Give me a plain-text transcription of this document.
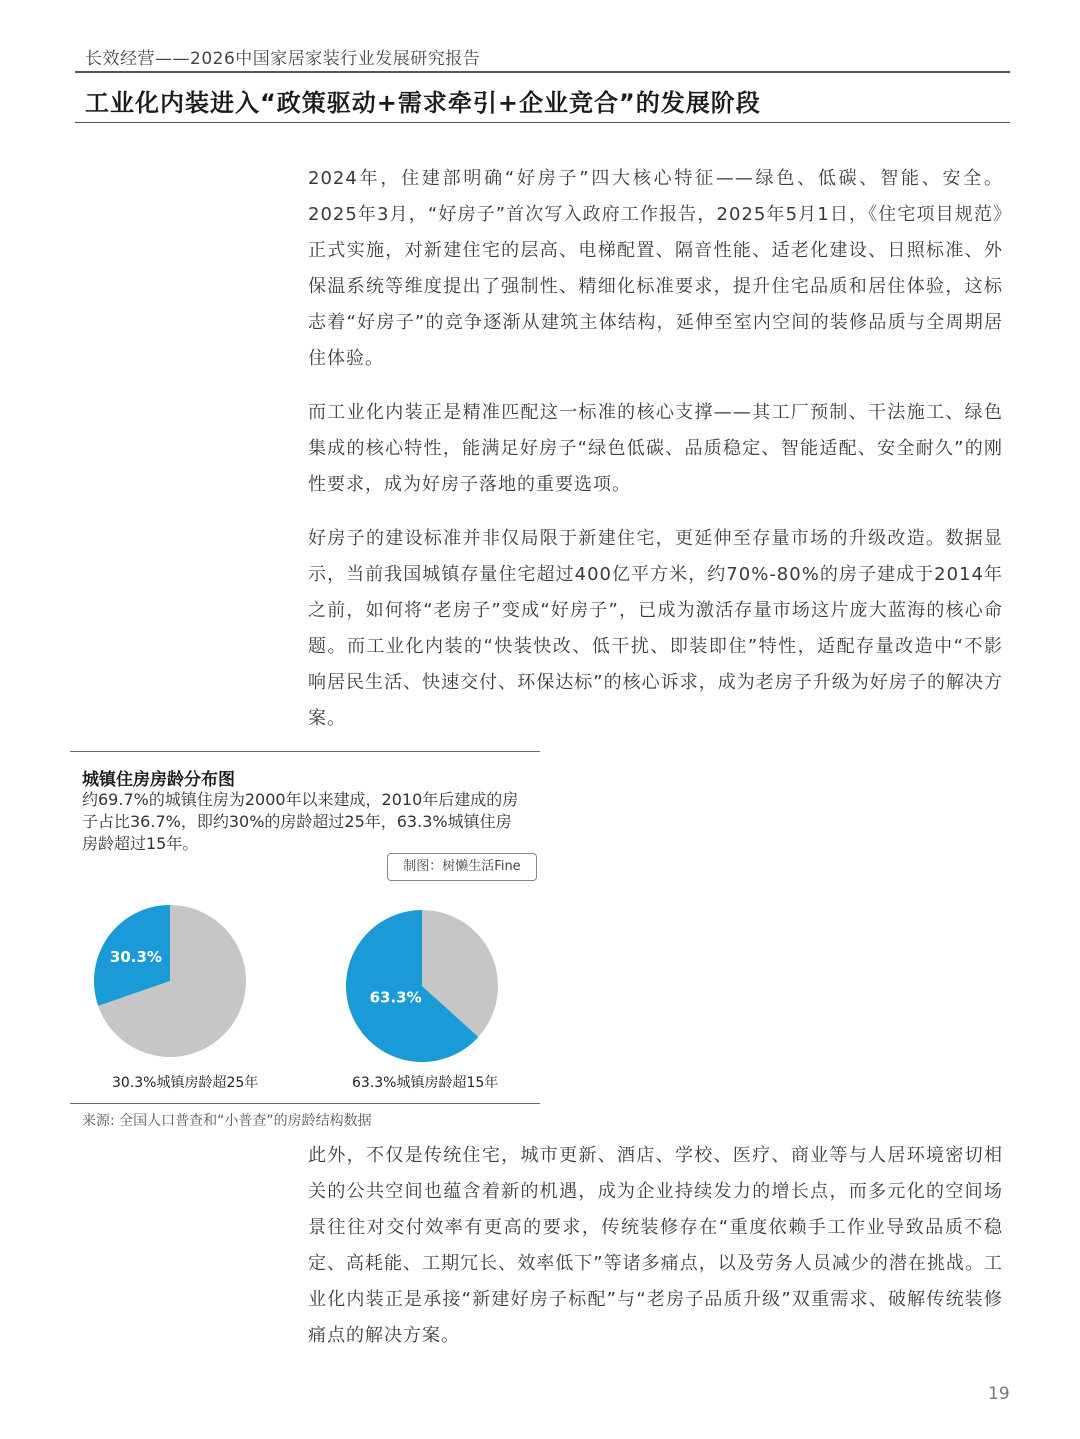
长效经营——2026中国家居家装行业发展研究报告
工业化内装进入“政策驱动+需求牵引+企业竞合”的发展阶段

2024年，住建部明确“好房子”四大核心特征——绿色、低碳、智能、安全。 2025年3月，“好房子”首次写入政府工作报告，2025年5月1日，《住宅项目规范》正式实施，对新建住宅的层高、电梯配置、隔音性能、适老化建设、日照标准、外保温系统等维度提出了强制性、精细化标准要求，提升住宅品质和居住体验，这标志着“好房子”的竞争逐渐从建筑主体结构，延伸至室内空间的装修品质与全周期居住体验。

而工业化内装正是精准匹配这一标准的核心支撑——其工厂预制、干法施工、绿色集成的核心特性，能满足好房子“绿色低碳、品质稳定、智能适配、安全耐久”的刚性要求，成为好房子落地的重要选项。

好房子的建设标准并非仅局限于新建住宅，更延伸至存量市场的升级改造。数据显示，当前我国城镇存量住宅超过400亿平方米，约70%-80%的房子建成于2014年之前，如何将“老房子”变成“好房子”，已成为激活存量市场这片庞大蓝海的核心命题。而工业化内装的“快装快改、低干扰、即装即住”特性，适配存量改造中“不影响居民生活、快速交付、环保达标”的核心诉求，成为老房子升级为好房子的解决方案。

城镇住房房龄分布图
约69.7%的城镇住房为2000年以来建成，2010年后建成的房子占比36.7%，即约30%的房龄超过25年，63.3%城镇住房房龄超过15年。
制图：树懒生活Fine
30.3%
63.3%
30.3%城镇房龄超25年	63.3%城镇房龄超15年
来源: 全国人口普查和“小普查”的房龄结构数据

此外，不仅是传统住宅，城市更新、酒店、学校、医疗、商业等与人居环境密切相关的公共空间也蕴含着新的机遇，成为企业持续发力的增长点，而多元化的空间场景往往对交付效率有更高的要求，传统装修存在“重度依赖手工作业导致品质不稳定、高耗能、工期冗长、效率低下”等诸多痛点，以及劳务人员减少的潜在挑战。工业化内装正是承接“新建好房子标配”与“老房子品质升级”双重需求、破解传统装修痛点的解决方案。

19
